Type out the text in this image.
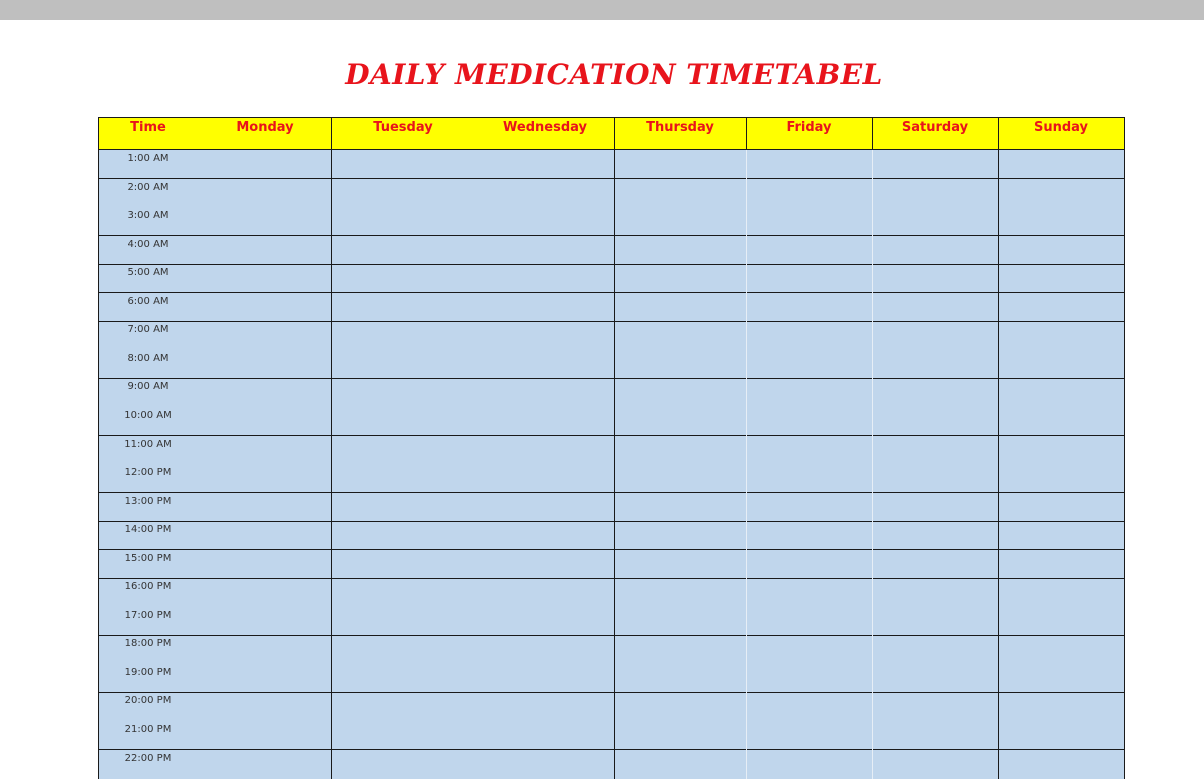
DAILY MEDICATION TIMETABEL
Time	Monday	Tuesday	Wednesday	Thursday	Friday	Saturday	Sunday
1:00 AM
2:00 AM
3:00 AM
4:00 AM
5:00 AM
6:00 AM
7:00 AM
8:00 AM
9:00 AM
10:00 AM
11:00 AM
12:00 PM
13:00 PM
14:00 PM
15:00 PM
16:00 PM
17:00 PM
18:00 PM
19:00 PM
20:00 PM
21:00 PM
22:00 PM
